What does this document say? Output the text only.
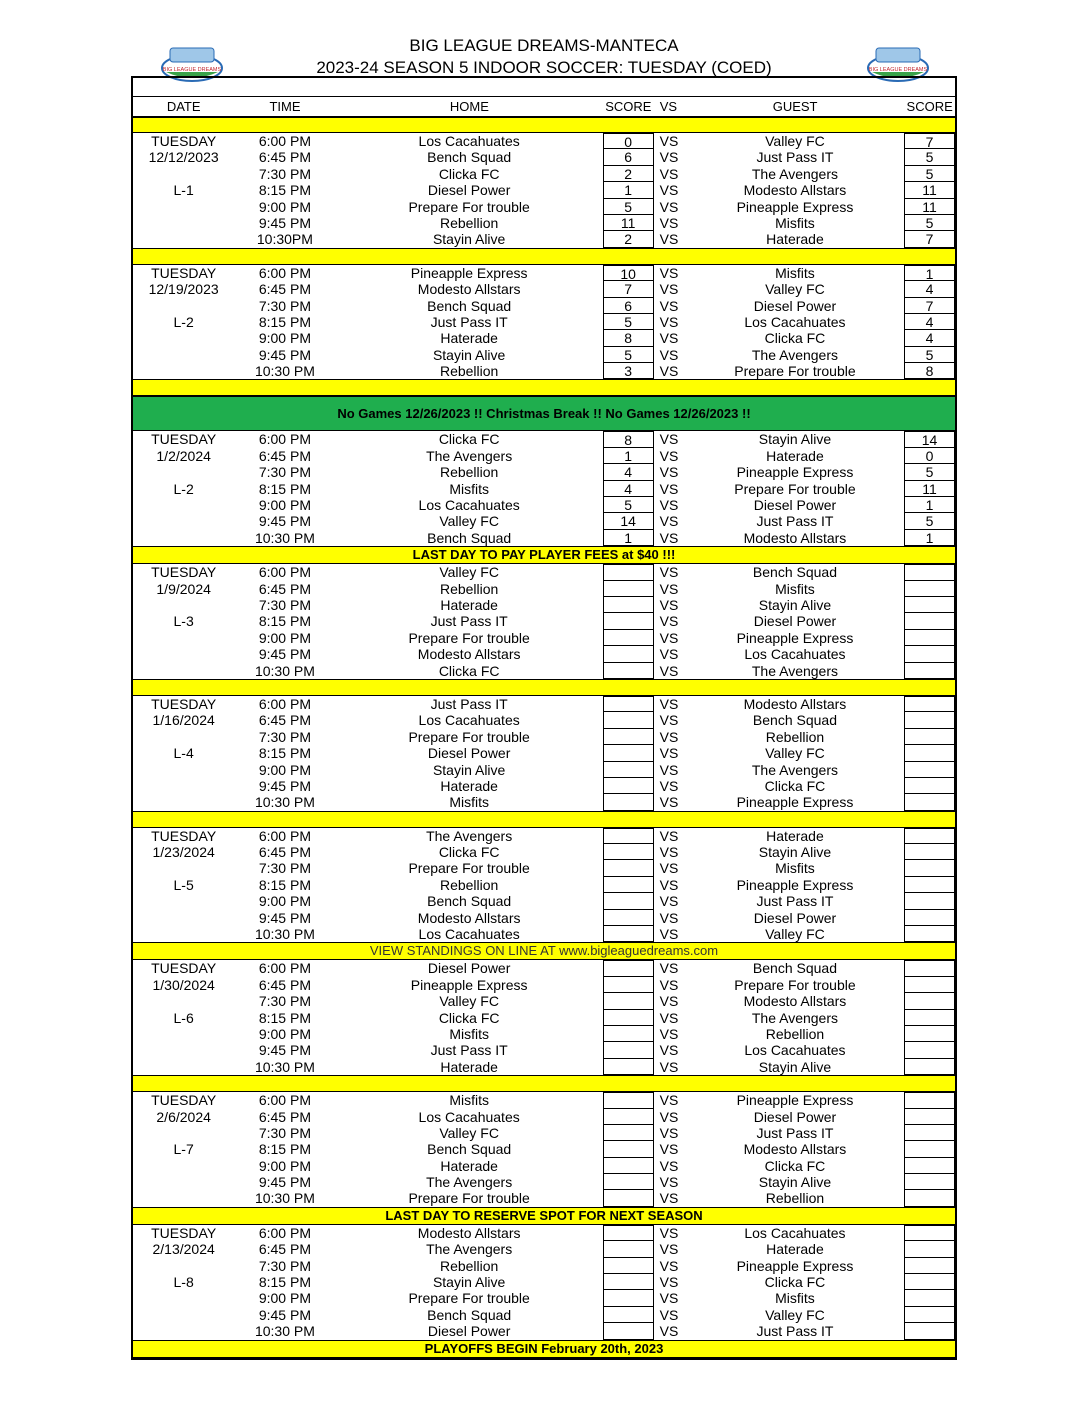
BIG LEAGUE DREAMS-MANTECA
2023-24 SEASON 5 INDOOR SOCCER: TUESDAY (COED)
BIG LEAGUE DREAMS	BIG LEAGUE DREAMS
DATE	TIME	HOME	SCORE VS	GUEST	SCORE
TUESDAY	6:00 PM	Los Cacahuates	0	VS	Valley FC	7
12/12/2023	6:45 PM	Bench Squad	6	VS	Just Pass IT	5
7:30 PM	Clicka FC	2	VS	The Avengers	5
L-1	8:15 PM	Diesel Power	1	VS	Modesto Allstars	11
9:00 PM	Prepare For trouble	5	VS	Pineapple Express	11
9:45 PM	Rebellion	11	VS	Misfits	5
10:30PM	Stayin Alive	2	VS	Haterade	7
TUESDAY	6:00 PM	Pineapple Express	10	VS	Misfits	1
12/19/2023	6:45 PM	Modesto Allstars	7	VS	Valley FC	4
7:30 PM	Bench Squad	6	VS	Diesel Power	7
L-2	8:15 PM	Just Pass IT	5	VS	Los Cacahuates	4
9:00 PM	Haterade	8	VS	Clicka FC	4
9:45 PM	Stayin Alive	5	VS	The Avengers	5
10:30 PM	Rebellion	3	VS	Prepare For trouble	8
No Games 12/26/2023 !! Christmas Break !! No Games 12/26/2023 !!
TUESDAY	6:00 PM	Clicka FC	8	VS	Stayin Alive	14
1/2/2024	6:45 PM	The Avengers	1	VS	Haterade	0
7:30 PM	Rebellion	4	VS	Pineapple Express	5
L-2	8:15 PM	Misfits	4	VS	Prepare For trouble	11
9:00 PM	Los Cacahuates	5	VS	Diesel Power	1
9:45 PM	Valley FC	14	VS	Just Pass IT	5
10:30 PM	Bench Squad	1	VS	Modesto Allstars	1
LAST DAY TO PAY PLAYER FEES at $40 !!!
TUESDAY	6:00 PM	Valley FC	VS	Bench Squad
1/9/2024	6:45 PM	Rebellion	VS	Misfits
7:30 PM	Haterade	VS	Stayin Alive
L-3	8:15 PM	Just Pass IT	VS	Diesel Power
9:00 PM	Prepare For trouble	VS	Pineapple Express
9:45 PM	Modesto Allstars	VS	Los Cacahuates
10:30 PM	Clicka FC	VS	The Avengers
TUESDAY	6:00 PM	Just Pass IT	VS	Modesto Allstars
1/16/2024	6:45 PM	Los Cacahuates	VS	Bench Squad
7:30 PM	Prepare For trouble	VS	Rebellion
L-4	8:15 PM	Diesel Power	VS	Valley FC
9:00 PM	Stayin Alive	VS	The Avengers
9:45 PM	Haterade	VS	Clicka FC
10:30 PM	Misfits	VS	Pineapple Express
TUESDAY	6:00 PM	The Avengers	VS	Haterade
1/23/2024	6:45 PM	Clicka FC	VS	Stayin Alive
7:30 PM	Prepare For trouble	VS	Misfits
L-5	8:15 PM	Rebellion	VS	Pineapple Express
9:00 PM	Bench Squad	VS	Just Pass IT
9:45 PM	Modesto Allstars	VS	Diesel Power
10:30 PM	Los Cacahuates	VS	Valley FC
VIEW STANDINGS ON LINE AT www.bigleaguedreams.com
TUESDAY	6:00 PM	Diesel Power	VS	Bench Squad
1/30/2024	6:45 PM	Pineapple Express	VS	Prepare For trouble
7:30 PM	Valley FC	VS	Modesto Allstars
L-6	8:15 PM	Clicka FC	VS	The Avengers
9:00 PM	Misfits	VS	Rebellion
9:45 PM	Just Pass IT	VS	Los Cacahuates
10:30 PM	Haterade	VS	Stayin Alive
TUESDAY	6:00 PM	Misfits	VS	Pineapple Express
2/6/2024	6:45 PM	Los Cacahuates	VS	Diesel Power
7:30 PM	Valley FC	VS	Just Pass IT
L-7	8:15 PM	Bench Squad	VS	Modesto Allstars
9:00 PM	Haterade	VS	Clicka FC
9:45 PM	The Avengers	VS	Stayin Alive
10:30 PM	Prepare For trouble	VS	Rebellion
LAST DAY TO RESERVE SPOT FOR NEXT SEASON
TUESDAY	6:00 PM	Modesto Allstars	VS	Los Cacahuates
2/13/2024	6:45 PM	The Avengers	VS	Haterade
7:30 PM	Rebellion	VS	Pineapple Express
L-8	8:15 PM	Stayin Alive	VS	Clicka FC
9:00 PM	Prepare For trouble	VS	Misfits
9:45 PM	Bench Squad	VS	Valley FC
10:30 PM	Diesel Power	VS	Just Pass IT
PLAYOFFS BEGIN February 20th, 2023
